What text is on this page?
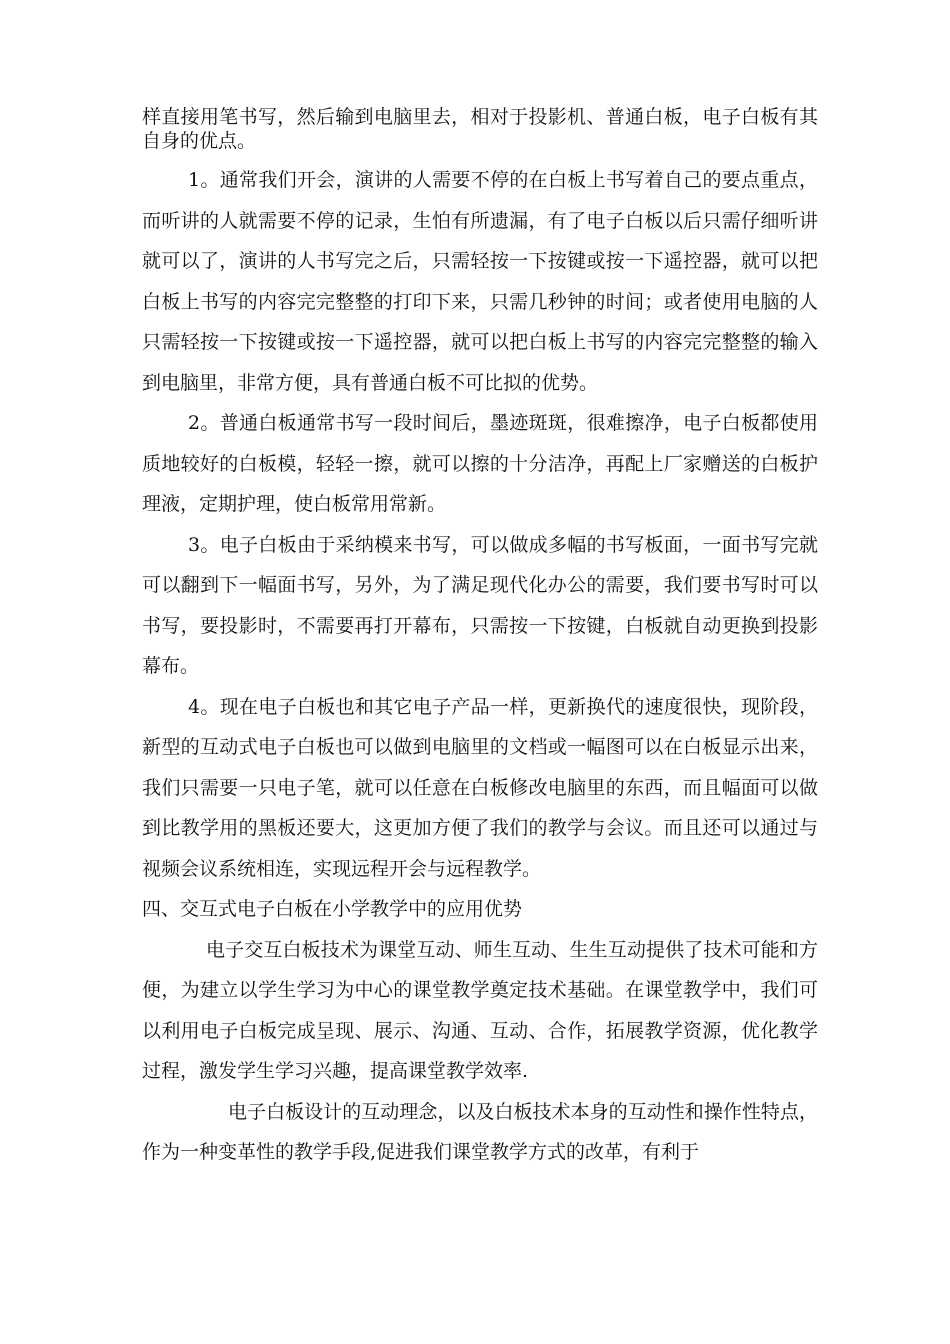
样直接用笔书写，然后输到电脑里去，相对于投影机、普通白板，电子白板有其自身的优点。

1。通常我们开会，演讲的人需要不停的在白板上书写着自己的要点重点，而听讲的人就需要不停的记录，生怕有所遗漏，有了电子白板以后只需仔细听讲就可以了，演讲的人书写完之后，只需轻按一下按键或按一下遥控器，就可以把白板上书写的内容完完整整的打印下来，只需几秒钟的时间；或者使用电脑的人只需轻按一下按键或按一下遥控器，就可以把白板上书写的内容完完整整的输入到电脑里，非常方便，具有普通白板不可比拟的优势。

2。普通白板通常书写一段时间后，墨迹斑斑，很难擦净，电子白板都使用质地较好的白板模，轻轻一擦，就可以擦的十分洁净，再配上厂家赠送的白板护理液，定期护理，使白板常用常新。

3。电子白板由于采纳模来书写，可以做成多幅的书写板面，一面书写完就可以翻到下一幅面书写，另外，为了满足现代化办公的需要，我们要书写时可以书写，要投影时，不需要再打开幕布，只需按一下按键，白板就自动更换到投影幕布。

4。现在电子白板也和其它电子产品一样，更新换代的速度很快，现阶段，新型的互动式电子白板也可以做到电脑里的文档或一幅图可以在白板显示出来，我们只需要一只电子笔，就可以任意在白板修改电脑里的东西，而且幅面可以做到比教学用的黑板还要大，这更加方便了我们的教学与会议。而且还可以通过与视频会议系统相连，实现远程开会与远程教学。

四、交互式电子白板在小学教学中的应用优势

电子交互白板技术为课堂互动、师生互动、生生互动提供了技术可能和方便，为建立以学生学习为中心的课堂教学奠定技术基础。在课堂教学中，我们可以利用电子白板完成呈现、展示、沟通、互动、合作，拓展教学资源，优化教学过程，激发学生学习兴趣，提高课堂教学效率.

电子白板设计的互动理念，以及白板技术本身的互动性和操作性特点，作为一种变革性的教学手段,促进我们课堂教学方式的改革，有利于
